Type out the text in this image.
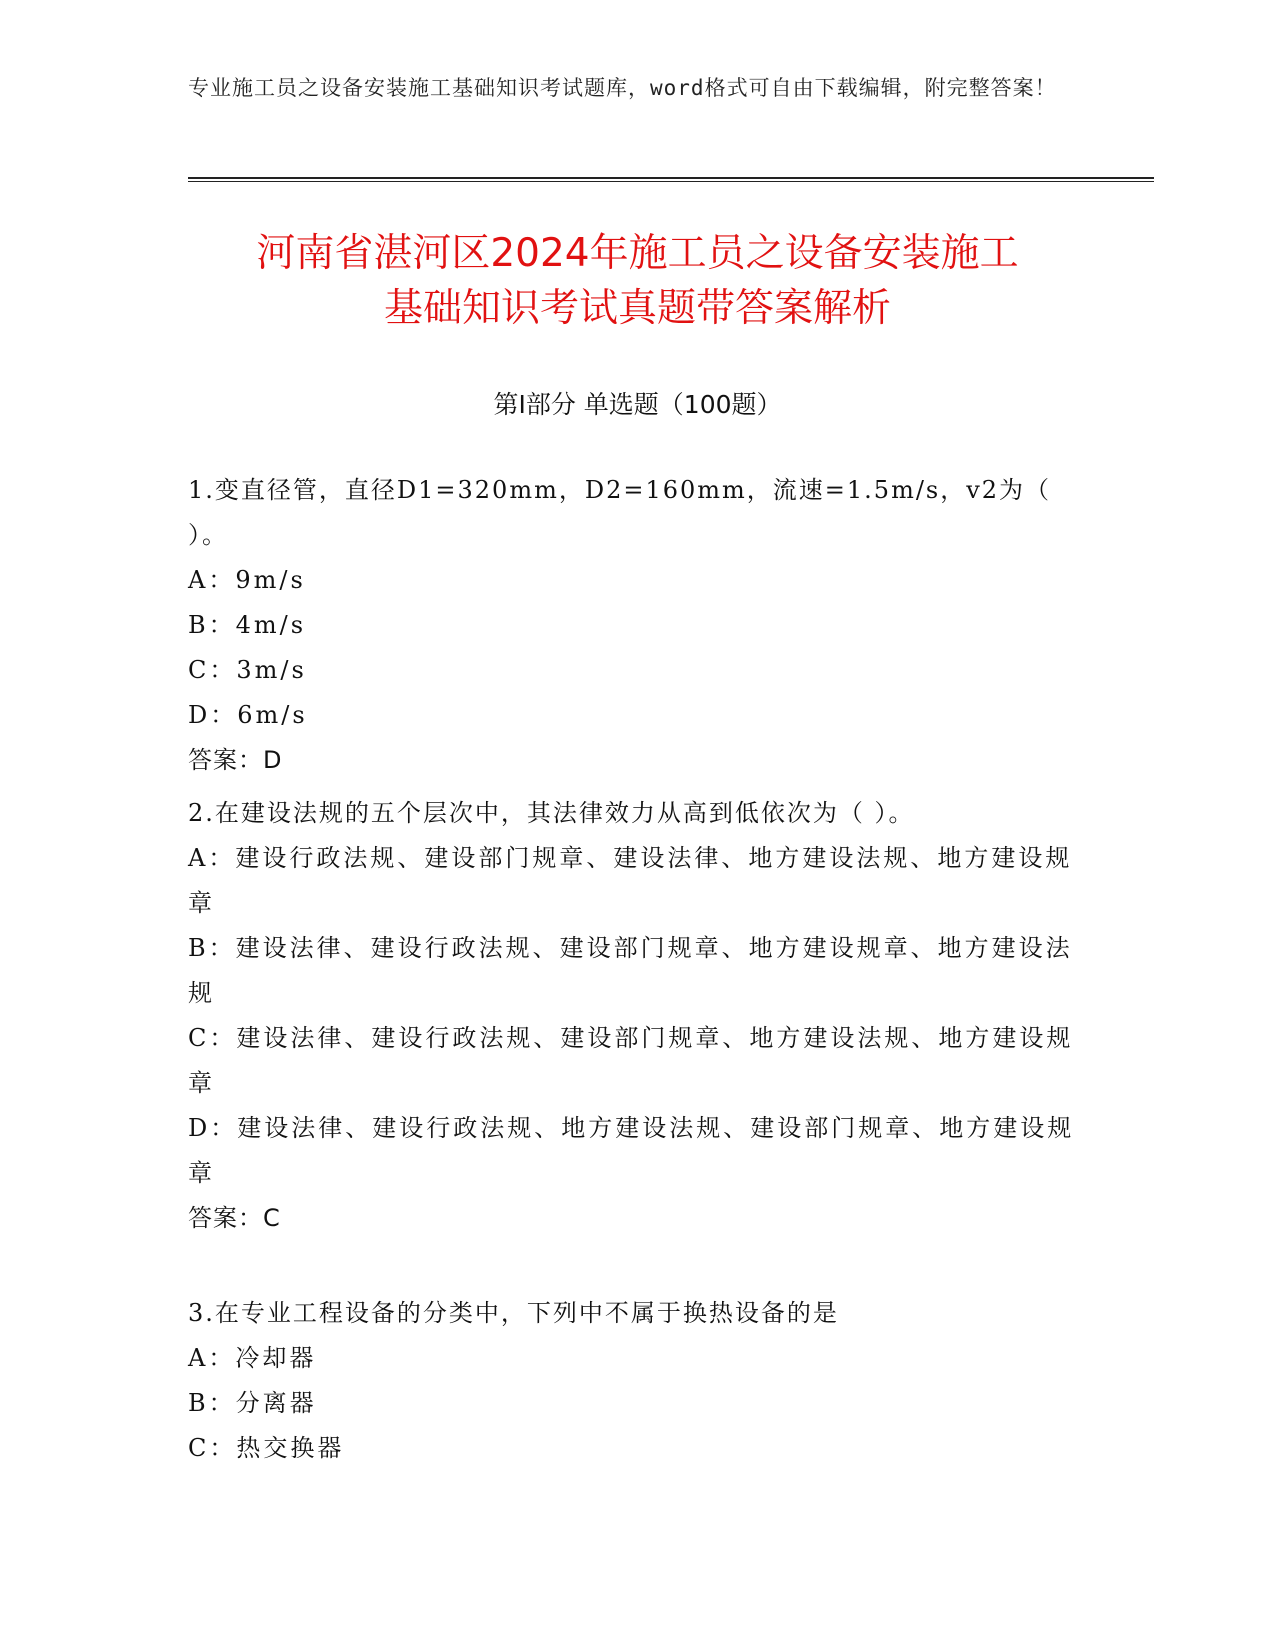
专业施工员之设备安装施工基础知识考试题库，word格式可自由下载编辑，附完整答案！
河南省湛河区2024年施工员之设备安装施工
基础知识考试真题带答案解析
第Ⅰ部分 单选题（100题）
1.变直径管，直径D1=320mm，D2=160mm，流速=1.5m/s，v2为（ ）。
A：9m/s
B：4m/s
C：3m/s
D：6m/s
答案：D
2.在建设法规的五个层次中，其法律效力从高到低依次为（ ）。
A：建设行政法规、建设部门规章、建设法律、地方建设法规、地方建设规章
B：建设法律、建设行政法规、建设部门规章、地方建设规章、地方建设法规
C：建设法律、建设行政法规、建设部门规章、地方建设法规、地方建设规章
D：建设法律、建设行政法规、地方建设法规、建设部门规章、地方建设规章
答案：C
3.在专业工程设备的分类中，下列中不属于换热设备的是
A：冷却器
B：分离器
C：热交换器
